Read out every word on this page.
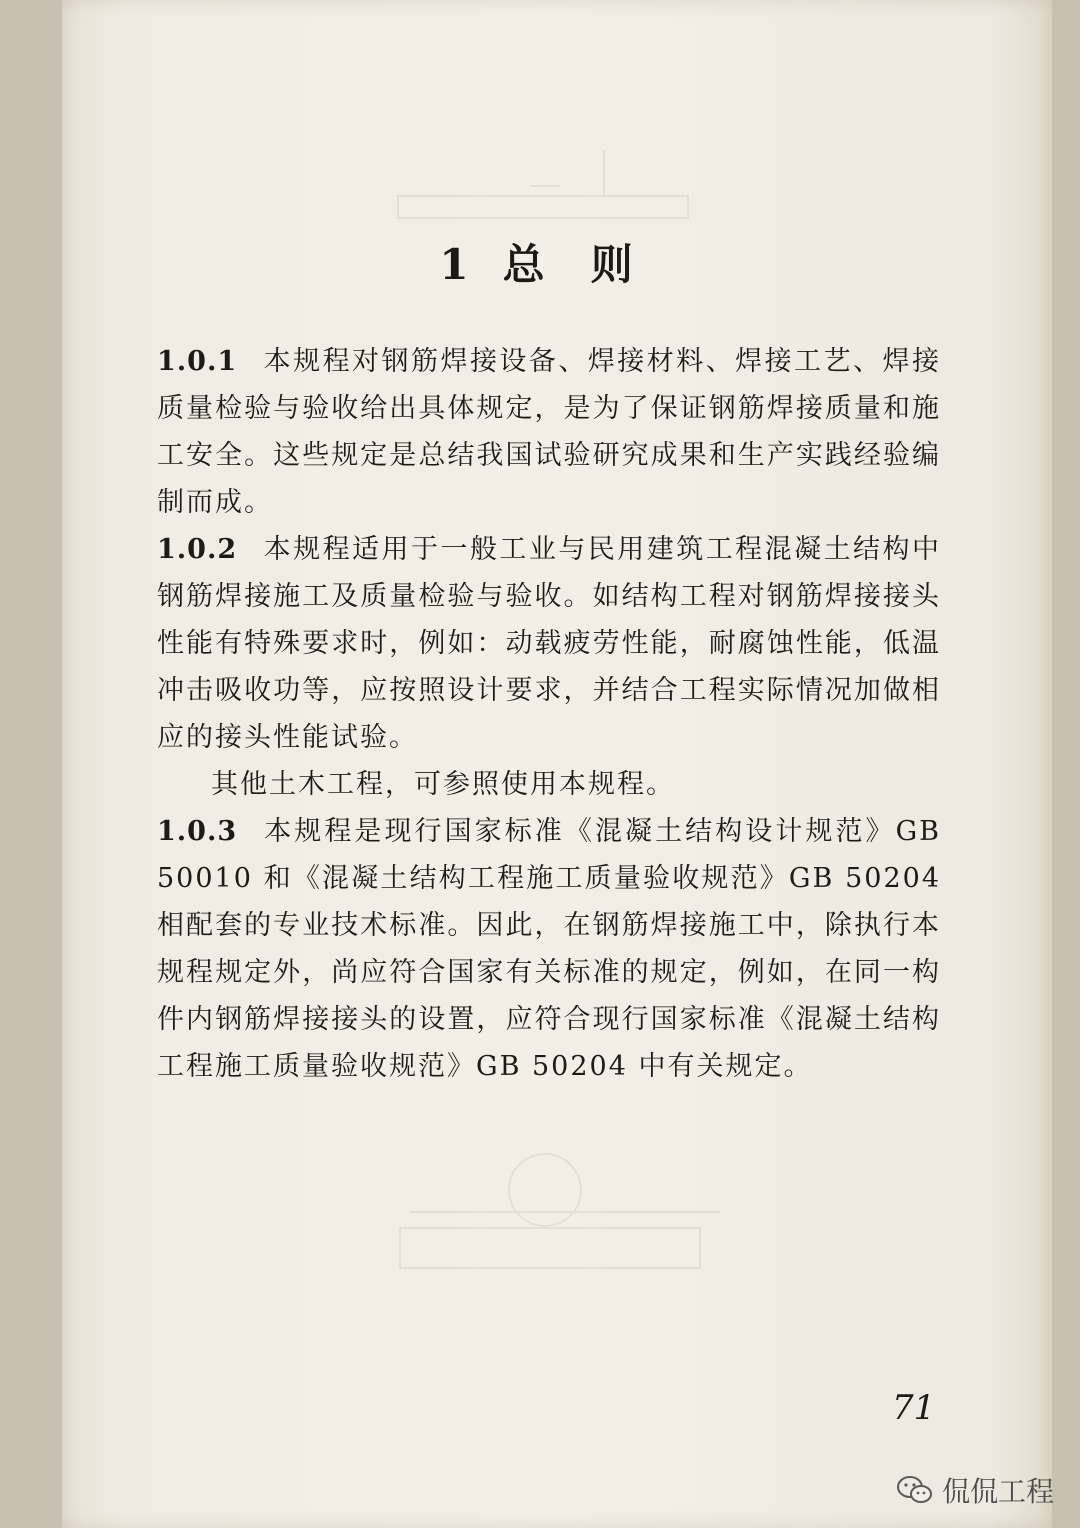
1 总 则

1.0.1 本规程对钢筋焊接设备、焊接材料、焊接工艺、焊接质量检验与验收给出具体规定，是为了保证钢筋焊接质量和施工安全。这些规定是总结我国试验研究成果和生产实践经验编制而成。

1.0.2 本规程适用于一般工业与民用建筑工程混凝土结构中钢筋焊接施工及质量检验与验收。如结构工程对钢筋焊接接头性能有特殊要求时，例如：动载疲劳性能，耐腐蚀性能，低温冲击吸收功等，应按照设计要求，并结合工程实际情况加做相应的接头性能试验。

其他土木工程，可参照使用本规程。

1.0.3 本规程是现行国家标准《混凝土结构设计规范》GB 50010 和《混凝土结构工程施工质量验收规范》GB 50204 相配套的专业技术标准。因此，在钢筋焊接施工中，除执行本规程规定外，尚应符合国家有关标准的规定，例如，在同一构件内钢筋焊接接头的设置，应符合现行国家标准《混凝土结构工程施工质量验收规范》GB 50204 中有关规定。

71
侃侃工程
